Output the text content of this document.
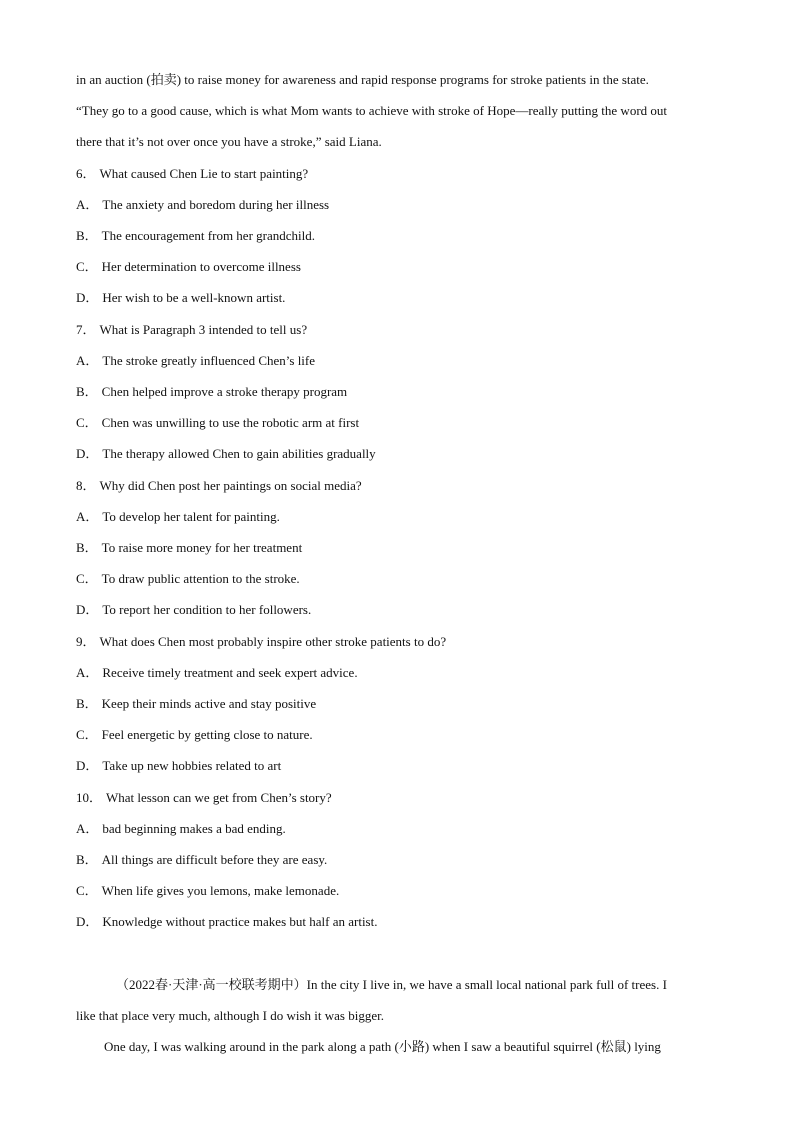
in an auction (拍卖) to raise money for awareness and rapid response programs for stroke patients in the state.

“They go to a good cause, which is what Mom wants to achieve with stroke of Hope—really putting the word out

there that it’s not over once you have a stroke,” said Liana.

6． What caused Chen Lie to start painting?

A． The anxiety and boredom during her illness

B． The encouragement from her grandchild.

C． Her determination to overcome illness

D． Her wish to be a well-known artist.

7． What is Paragraph 3 intended to tell us?

A． The stroke greatly influenced Chen’s life

B． Chen helped improve a stroke therapy program

C． Chen was unwilling to use the robotic arm at first

D． The therapy allowed Chen to gain abilities gradually

8． Why did Chen post her paintings on social media?

A． To develop her talent for painting.

B． To raise more money for her treatment

C． To draw public attention to the stroke.

D． To report her condition to her followers.

9． What does Chen most probably inspire other stroke patients to do?

A． Receive timely treatment and seek expert advice.

B． Keep their minds active and stay positive

C． Feel energetic by getting close to nature.

D． Take up new hobbies related to art

10． What lesson can we get from Chen’s story?

A． bad beginning makes a bad ending.

B． All things are difficult before they are easy.

C． When life gives you lemons, make lemonade.

D． Knowledge without practice makes but half an artist.

（2022春·天津·高一校联考期中）In the city I live in, we have a small local national park full of trees. I

like that place very much, although I do wish it was bigger.

One day, I was walking around in the park along a path (小路) when I saw a beautiful squirrel (松鼠) lying
